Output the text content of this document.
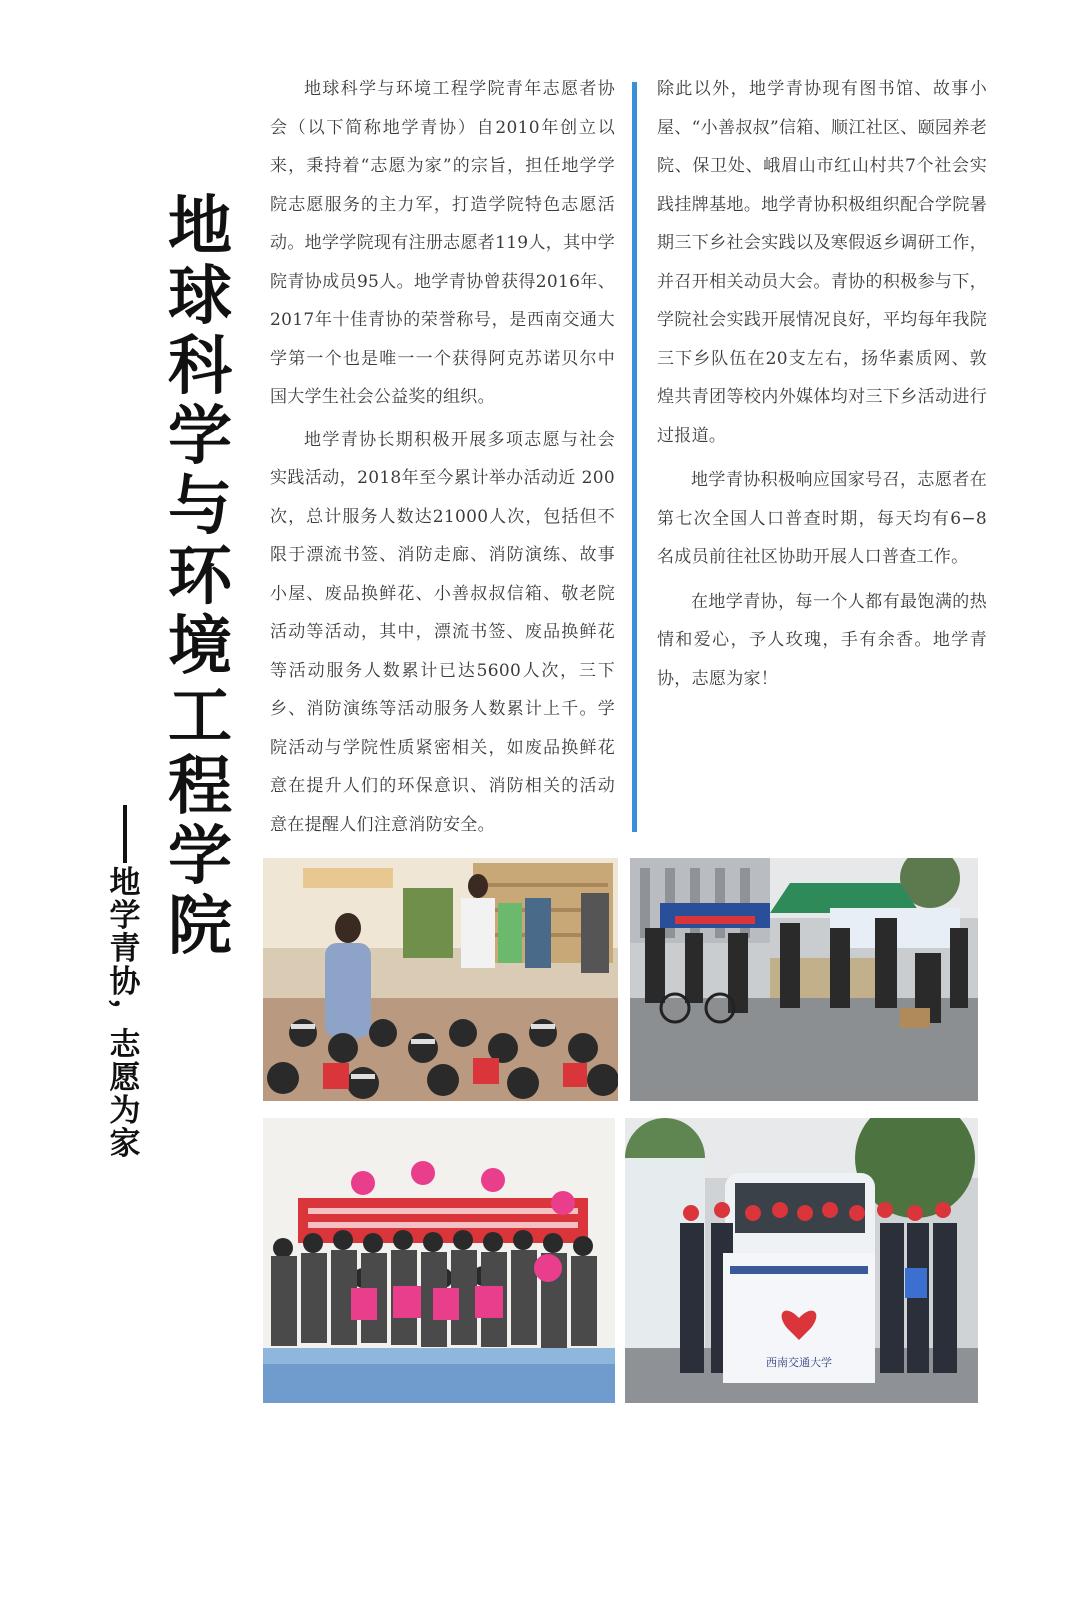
地
球
科
学
与
环
境
工
程
学
院
地
学
青
协
，
志
愿
为
家

地球科学与环境工程学院青年志愿者协会（以下简称地学青协）自2010年创立以来，秉持着“志愿为家”的宗旨，担任地学学院志愿服务的主力军，打造学院特色志愿活动。地学学院现有注册志愿者119人，其中学院青协成员95人。地学青协曾获得2016年、2017年十佳青协的荣誉称号，是西南交通大学第一个也是唯一一个获得阿克苏诺贝尔中国大学生社会公益奖的组织。

地学青协长期积极开展多项志愿与社会实践活动，2018年至今累计举办活动近 200次，总计服务人数达21000人次，包括但不限于漂流书签、消防走廊、消防演练、故事小屋、废品换鲜花、小善叔叔信箱、敬老院活动等活动，其中，漂流书签、废品换鲜花等活动服务人数累计已达5600人次，三下乡、消防演练等活动服务人数累计上千。学院活动与学院性质紧密相关，如废品换鲜花意在提升人们的环保意识、消防相关的活动意在提醒人们注意消防安全。

除此以外，地学青协现有图书馆、故事小屋、“小善叔叔”信箱、顺江社区、颐园养老院、保卫处、峨眉山市红山村共7个社会实践挂牌基地。地学青协积极组织配合学院暑期三下乡社会实践以及寒假返乡调研工作，并召开相关动员大会。青协的积极参与下，学院社会实践开展情况良好，平均每年我院三下乡队伍在20支左右，扬华素质网、敦煌共青团等校内外媒体均对三下乡活动进行过报道。

地学青协积极响应国家号召，志愿者在第七次全国人口普查时期，每天均有6−8名成员前往社区协助开展人口普查工作。

在地学青协，每一个人都有最饱满的热情和爱心，予人玫瑰，手有余香。地学青协，志愿为家！

西南交通大学
